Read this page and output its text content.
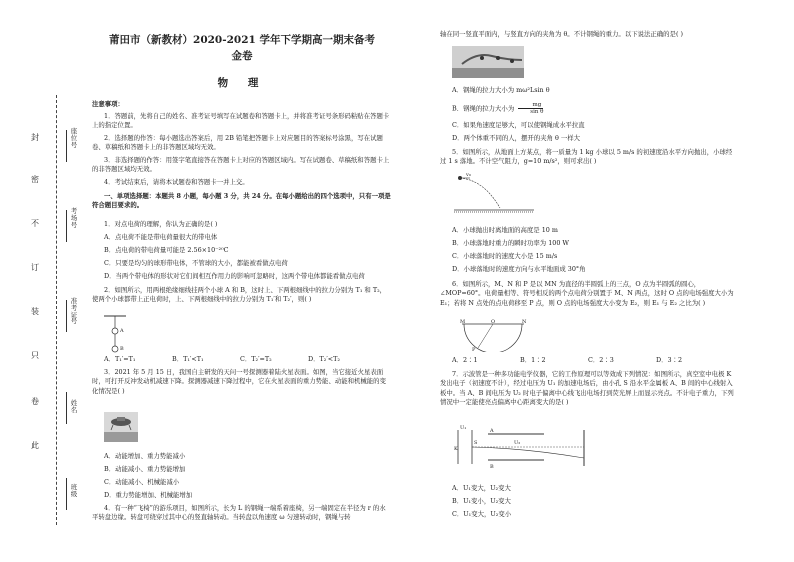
封
密
不
订
装
只
卷
此
座位号
考场号
准考证号
姓名
班级
莆田市（新教材）2020-2021 学年下学期高一期末备考
金卷
物 理
注意事项：
1．答题前，先将自己的姓名、准考证号填写在试题卷和答题卡上，并将准考证号条形码粘贴在答题卡上的指定位置。
2．选择题的作答：每小题选出答案后，用 2B 铅笔把答题卡上对应题目的答案标号涂黑，写在试题卷、草稿纸和答题卡上的非答题区域均无效。
3．非选择题的作答：用签字笔直接答在答题卡上对应的答题区域内。写在试题卷、草稿纸和答题卡上的非答题区域均无效。
4．考试结束后，请将本试题卷和答题卡一并上交。
一、单项选择题：本题共 8 小题，每小题 3 分，共 24 分。在每小题给出的四个选项中，只有一项是符合题目要求的。
1．对点电荷的理解，你认为正确的是( )
A．点电荷不能是带电荷量很大的带电体
B．点电荷的带电荷量可能是 2.56×10⁻²⁰C
C．只要是均匀的球形带电体，不管球的大小，都能被看做点电荷
D．当两个带电体的形状对它们间相互作用力的影响可忽略时，这两个带电体都能看做点电荷
2．如图所示，用两根绝缘细线挂两个小球 A 和 B，这时上、下两根细线中的拉力分别为 T₁ 和 T₂，使两个小球都带上正电荷时，上、下两根细线中的拉力分别为 T₁′和 T₂′，则( )
A
B
A．T₁′=T₁	B．T₁′<T₁	C．T₂′=T₂	D．T₂′<T₂
3．2021 年 5 月 15 日，我国自主研发的天问一号探测器着陆火星表面。如图，当它接近火星表面时，可打开反冲发动机减速下降。探测器减速下降过程中，它在火星表面的重力势能、动能和机械能的变化情况是( )
A．动能增加、重力势能减小
B．动能减小、重力势能增加
C．动能减小、机械能减小
D．重力势能增加、机械能增加
4．有一种“飞椅”的游乐项目，如图所示，长为 L 的钢绳一端系着座椅，另一端固定在半径为 r 的水平转盘边缘。转盘可绕穿过其中心的竖直轴转动。当转盘以角速度 ω 匀速转动时，钢绳与转
轴在同一竖直平面内，与竖直方向的夹角为 θ。不计钢绳的重力。以下说法正确的是( )
A．钢绳的拉力大小为 mω²Lsin θ
B．钢绳的拉力大小为 $\frac{mg}{\text{sin θ}}$
C．如果角速度足够大，可以使钢绳成水平拉直
D．两个体重不同的人，摆开的夹角 θ 一样大
5．如图所示，从地面上方某点，将一质量为 1 kg 小球以 5 m/s 的初速度沿水平方向抛出，小球经过 1 s 落地。不计空气阻力，g=10 m/s²，则可求出( )
v₀
A．小球抛出时离地面的高度是 10 m
B．小球落地时重力的瞬时功率为 100 W
C．小球落地时的速度大小是 15 m/s
D．小球落地时的速度方向与水平地面成 30°角
6．如图所示，M、N 和 P 是以 MN 为直径的半圆弧上的三点，O 点为半圆弧的圆心，∠MOP=60°。电荷量相等、符号相反的两个点电荷分别置于 M、N 两点，这时 O 点的电场强度大小为 E₁；若将 N 点处的点电荷移至 P 点，则 O 点的电场强度大小变为 E₂，则 E₁ 与 E₂ 之比为( )
M	O	N
P
A．2∶1	B．1∶2	C．2∶3	D．3∶2
7．示波管是一种多功能电学仪器，它的工作原理可以等效成下列情况：如图所示，真空室中电极 K 发出电子（初速度不计），经过电压为 U₁ 的加速电场后，由小孔 S 沿水平金属板 A、B 间的中心线射入板中。当 A、B 间电压为 U₂ 时电子偏离中心线飞出电场打到荧光屏上而显示亮点。不计电子重力，下列情况中一定能使亮点偏离中心距离变大的是( )
A
B
K
S
U₁
U₂
A．U₁变大，U₂变大
B．U₁变小，U₂变大
C．U₁变大，U₂变小
